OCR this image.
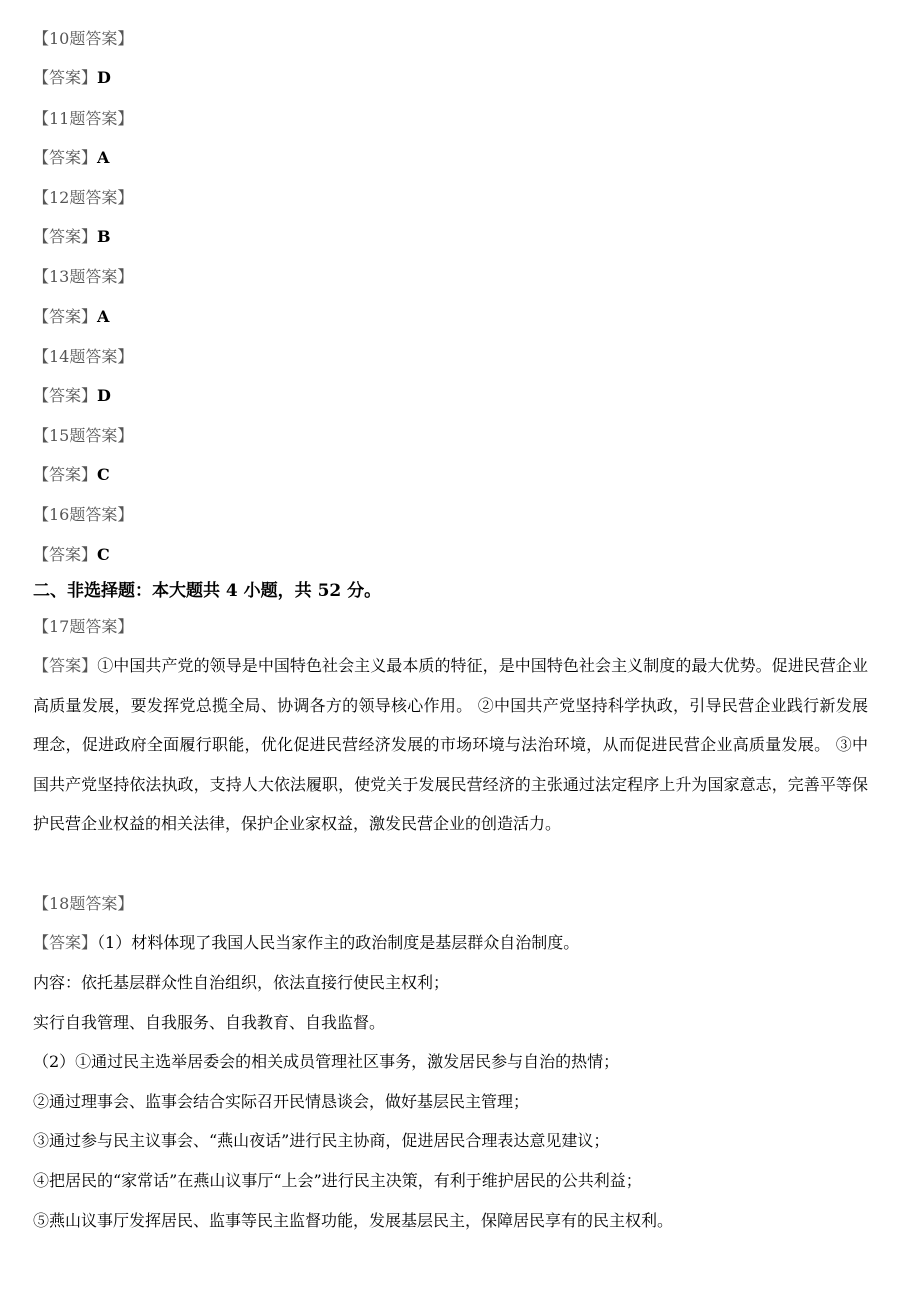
【10题答案】
【答案】D
【11题答案】
【答案】A
【12题答案】
【答案】B
【13题答案】
【答案】A
【14题答案】
【答案】D
【15题答案】
【答案】C
【16题答案】
【答案】C
二、非选择题：本大题共 4 小题，共 52 分。
【17题答案】
【答案】①中国共产党的领导是中国特色社会主义最本质的特征，是中国特色社会主义制度的最大优势。促进民营企业高质量发展，要发挥党总揽全局、协调各方的领导核心作用。 ②中国共产党坚持科学执政，引导民营企业践行新发展理念，促进政府全面履行职能，优化促进民营经济发展的市场环境与法治环境，从而促进民营企业高质量发展。 ③中国共产党坚持依法执政，支持人大依法履职，使党关于发展民营经济的主张通过法定程序上升为国家意志，完善平等保护民营企业权益的相关法律，保护企业家权益，激发民营企业的创造活力。
【18题答案】
【答案】（1）材料体现了我国人民当家作主的政治制度是基层群众自治制度。
内容：依托基层群众性自治组织，依法直接行使民主权利；
实行自我管理、自我服务、自我教育、自我监督。
（2）①通过民主选举居委会的相关成员管理社区事务，激发居民参与自治的热情；
②通过理事会、监事会结合实际召开民情恳谈会，做好基层民主管理；
③通过参与民主议事会、“燕山夜话”进行民主协商，促进居民合理表达意见建议；
④把居民的“家常话”在燕山议事厅“上会”进行民主决策，有利于维护居民的公共利益；
⑤燕山议事厅发挥居民、监事等民主监督功能，发展基层民主，保障居民享有的民主权利。
